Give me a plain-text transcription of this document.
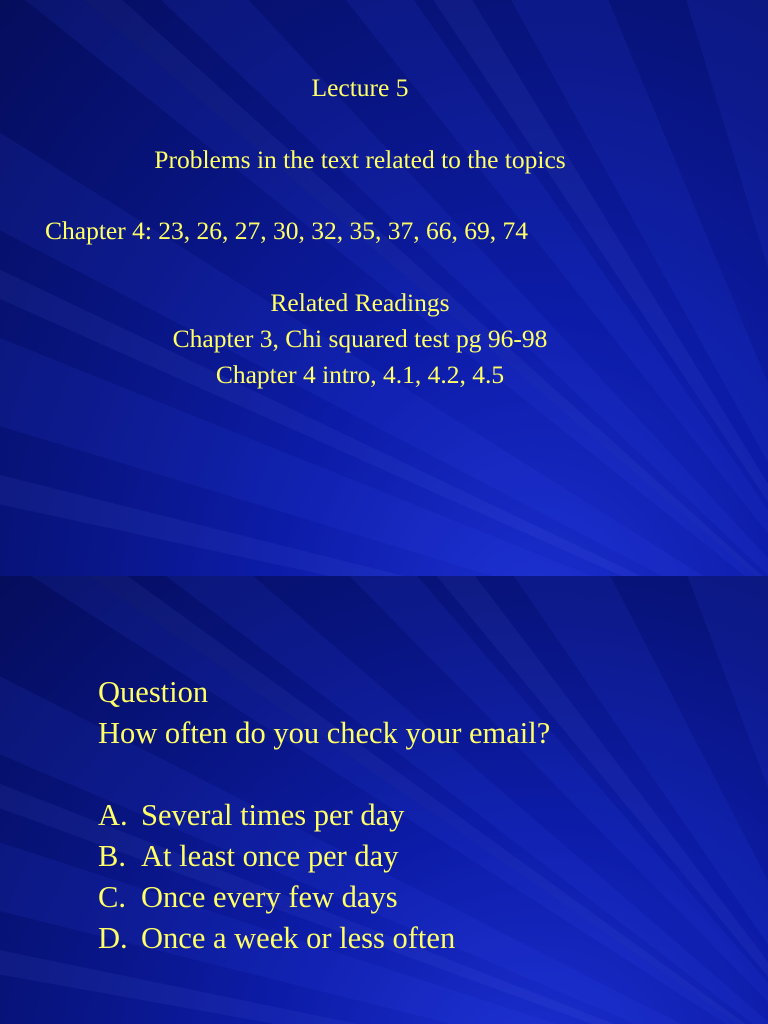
Lecture 5
Problems in the text related to the topics
Chapter 4: 23, 26, 27, 30, 32, 35, 37, 66, 69, 74
Related Readings
Chapter 3, Chi squared test pg 96-98
Chapter 4 intro, 4.1, 4.2, 4.5
Question
How often do you check your email?
A. Several times per day
B. At least once per day
C. Once every few days
D. Once a week or less often
